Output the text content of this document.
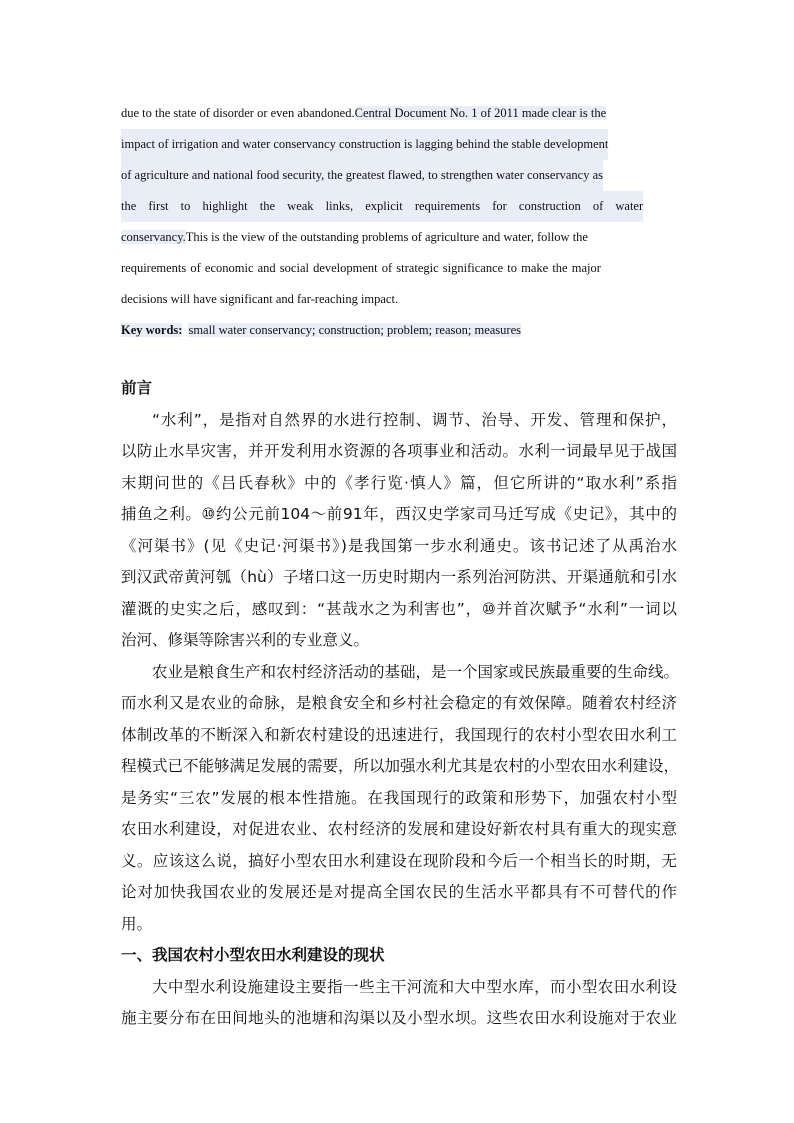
due to the state of disorder or even abandoned.Central Document No. 1 of 2011 made clear is the
impact of irrigation and water conservancy construction is lagging behind the stable development
of agriculture and national food security, the greatest flawed, to strengthen water conservancy as
the first to highlight the weak links, explicit requirements for construction of water
conservancy.This is the view of the outstanding problems of agriculture and water, follow the
requirements of economic and social development of strategic significance to make the major
decisions will have significant and far-reaching impact.
Key words: small water conservancy; construction; problem; reason; measures
前言
“水利”，是指对自然界的水进行控制、调节、治导、开发、管理和保护，
以防止水旱灾害，并开发利用水资源的各项事业和活动。水利一词最早见于战国
末期问世的《吕氏春秋》中的《孝行览·慎人》篇，但它所讲的“取水利”系指
捕鱼之利。⑩约公元前104～前91年，西汉史学家司马迁写成《史记》，其中的
《河渠书》(见《史记·河渠书》)是我国第一步水利通史。该书记述了从禹治水
到汉武帝黄河瓠（hù）子堵口这一历史时期内一系列治河防洪、开渠通航和引水
灌溉的史实之后，感叹到：“甚哉水之为利害也”，⑩并首次赋予“水利”一词以
治河、修渠等除害兴利的专业意义。
农业是粮食生产和农村经济活动的基础，是一个国家或民族最重要的生命线。
而水利又是农业的命脉，是粮食安全和乡村社会稳定的有效保障。随着农村经济
体制改革的不断深入和新农村建设的迅速进行，我国现行的农村小型农田水利工
程模式已不能够满足发展的需要，所以加强水利尤其是农村的小型农田水利建设，
是务实“三农”发展的根本性措施。在我国现行的政策和形势下，加强农村小型
农田水利建设，对促进农业、农村经济的发展和建设好新农村具有重大的现实意
义。应该这么说，搞好小型农田水利建设在现阶段和今后一个相当长的时期，无
论对加快我国农业的发展还是对提高全国农民的生活水平都具有不可替代的作
用。
一、我国农村小型农田水利建设的现状
大中型水利设施建设主要指一些主干河流和大中型水库，而小型农田水利设
施主要分布在田间地头的池塘和沟渠以及小型水坝。这些农田水利设施对于农业
